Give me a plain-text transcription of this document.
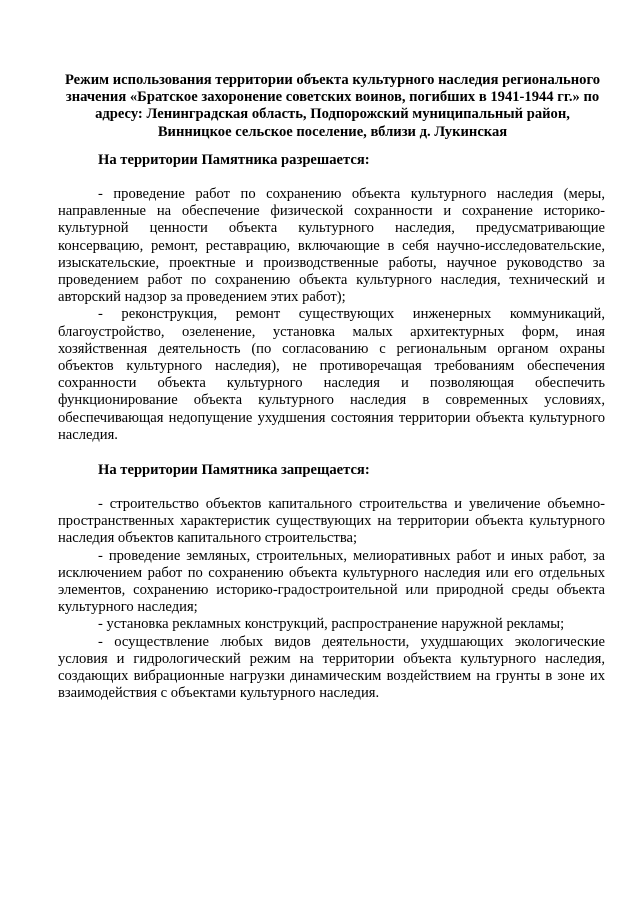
Режим использования территории объекта культурного наследия регионального значения «Братское захоронение советских воинов, погибших в 1941-1944 гг.» по адресу: Ленинградская область, Подпорожский муниципальный район, Винницкое сельское поселение, вблизи д. Лукинская

На территории Памятника разрешается:

- проведение работ по сохранению объекта культурного наследия (меры, направленные на обеспечение физической сохранности и сохранение историко-культурной ценности объекта культурного наследия, предусматривающие консервацию, ремонт, реставрацию, включающие в себя научно-исследовательские, изыскательские, проектные и производственные работы, научное руководство за проведением работ по сохранению объекта культурного наследия, технический и авторский надзор за проведением этих работ);

- реконструкция, ремонт существующих инженерных коммуникаций, благоустройство, озеленение, установка малых архитектурных форм, иная хозяйственная деятельность (по согласованию с региональным органом охраны объектов культурного наследия), не противоречащая требованиям обеспечения сохранности объекта культурного наследия и позволяющая обеспечить функционирование объекта культурного наследия в современных условиях, обеспечивающая недопущение ухудшения состояния территории объекта культурного наследия.

На территории Памятника запрещается:

- строительство объектов капитального строительства и увеличение объемно-пространственных характеристик существующих на территории объекта культурного наследия объектов капитального строительства;

- проведение земляных, строительных, мелиоративных работ и иных работ, за исключением работ по сохранению объекта культурного наследия или его отдельных элементов, сохранению историко-градостроительной или природной среды объекта культурного наследия;

- установка рекламных конструкций, распространение наружной рекламы;

- осуществление любых видов деятельности, ухудшающих экологические условия и гидрологический режим на территории объекта культурного наследия, создающих вибрационные нагрузки динамическим воздействием на грунты в зоне их взаимодействия с объектами культурного наследия.
